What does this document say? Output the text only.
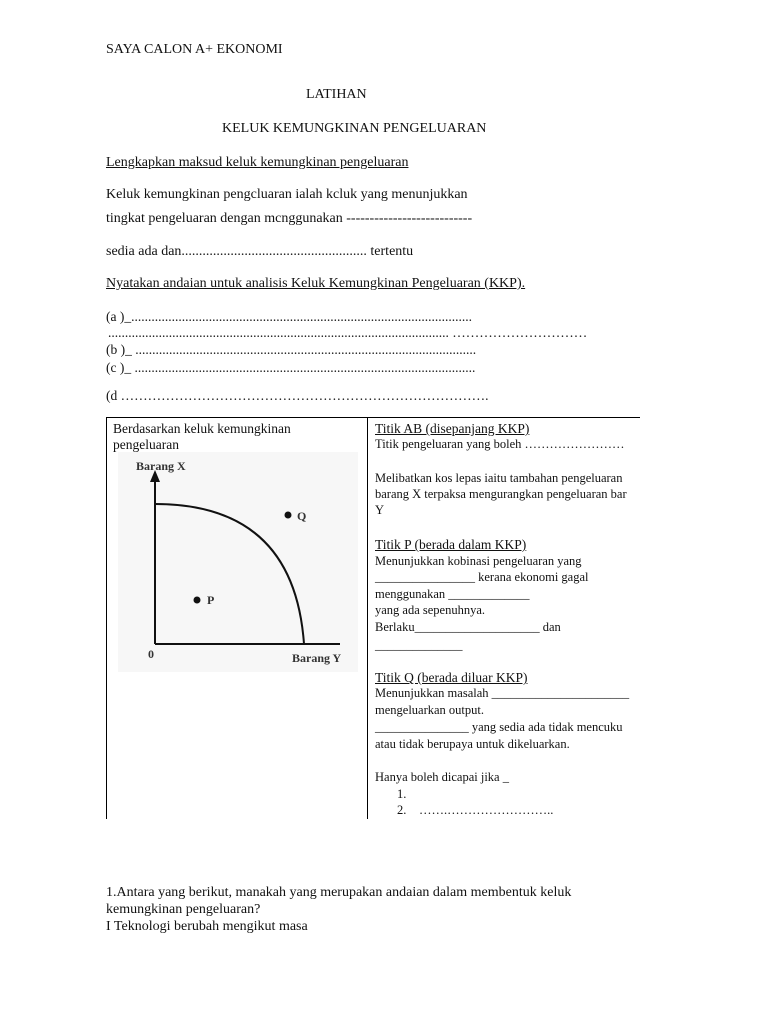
SAYA CALON A+ EKONOMI
LATIHAN
KELUK KEMUNGKINAN PENGELUARAN
Lengkapkan maksud keluk kemungkinan pengeluaran
Keluk kemungkinan pengcluaran ialah kcluk yang menunjukkan
tingkat pengeluaran dengan mcnggunakan ---------------------------
sedia ada dan..................................................... tertentu
Nyatakan andaian untuk analisis Keluk Kemungkinan Pengeluaran (KKP).
(a )_.....................................................................................................
..................................................................................................... …………………………
(b )_ .....................................................................................................
(c )_ .....................................................................................................
(d ……………………………………………………………………….
Berdasarkan keluk kemungkinan
pengeluaran
Barang X
Barang Y
0
Q
P
Titik AB (disepanjang KKP)
Titik pengeluaran yang boleh ……………………
Melibatkan kos lepas iaitu tambahan pengeluaran
barang X terpaksa mengurangkan pengeluaran bar
Y
Titik P (berada dalam KKP)
Menunjukkan kobinasi pengeluaran yang
________________ kerana ekonomi gagal
menggunakan _____________
yang ada sepenuhnya.
Berlaku____________________ dan
______________
Titik Q (berada diluar KKP)
Menunjukkan masalah ______________________
mengeluarkan output.
_______________ yang sedia ada tidak mencuku
atau tidak berupaya untuk dikeluarkan.
Hanya boleh dicapai jika _
1.
2. …….……………………..
1.Antara yang berikut, manakah yang merupakan andaian dalam membentuk keluk
kemungkinan pengeluaran?
I Teknologi berubah mengikut masa
